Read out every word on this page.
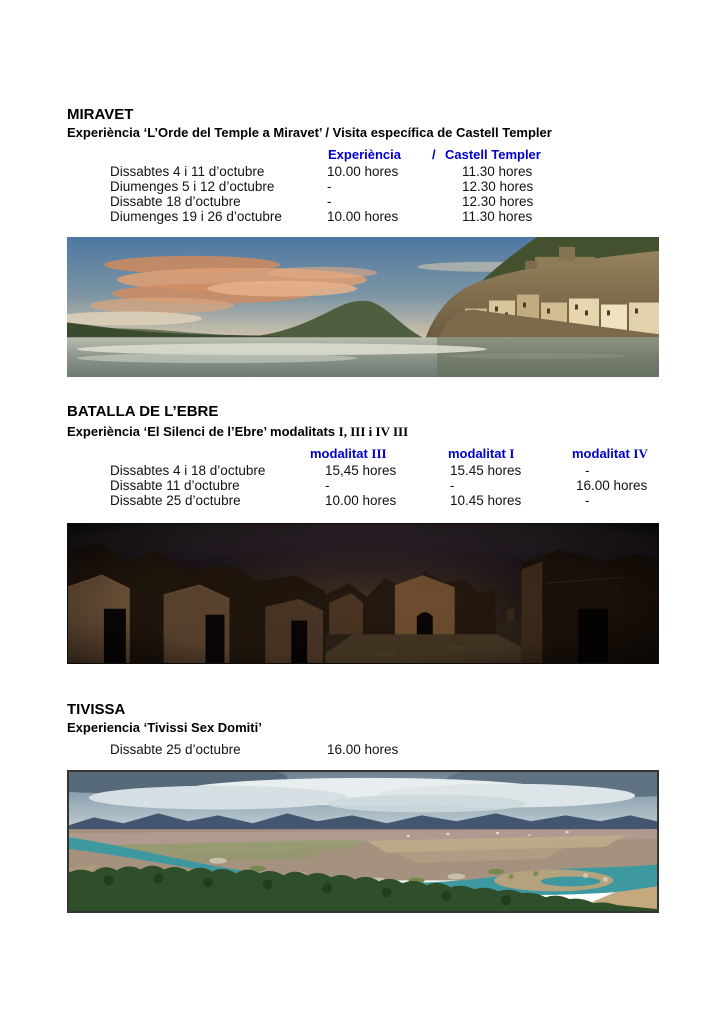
MIRAVET
Experiència ‘L’Orde del Temple a Miravet’ / Visita específica de Castell Templer
Experiència / Castell Templer
Dissabtes 4 i 11 d’octubre	10.00 hores	11.30 hores
Diumenges 5 i 12 d’octubre	-	12.30 hores
Dissabte 18 d’octubre	-	12.30 hores
Diumenges 19 i 26 d’octubre	10.00 hores	11.30 hores
BATALLA DE L’EBRE
Experiència ‘El Silenci de l’Ebre’ modalitats I, III i IV III
modalitat III	modalitat I	modalitat IV
Dissabtes 4 i 18 d’octubre	15,45 hores	15.45 hores	-
Dissabte 11 d’octubre	-	-	16.00 hores
Dissabte 25 d’octubre	10.00 hores	10.45 hores	-
TIVISSA
Experiencia ‘Tivissi Sex Domiti’
Dissabte 25 d’octubre	16.00 hores
